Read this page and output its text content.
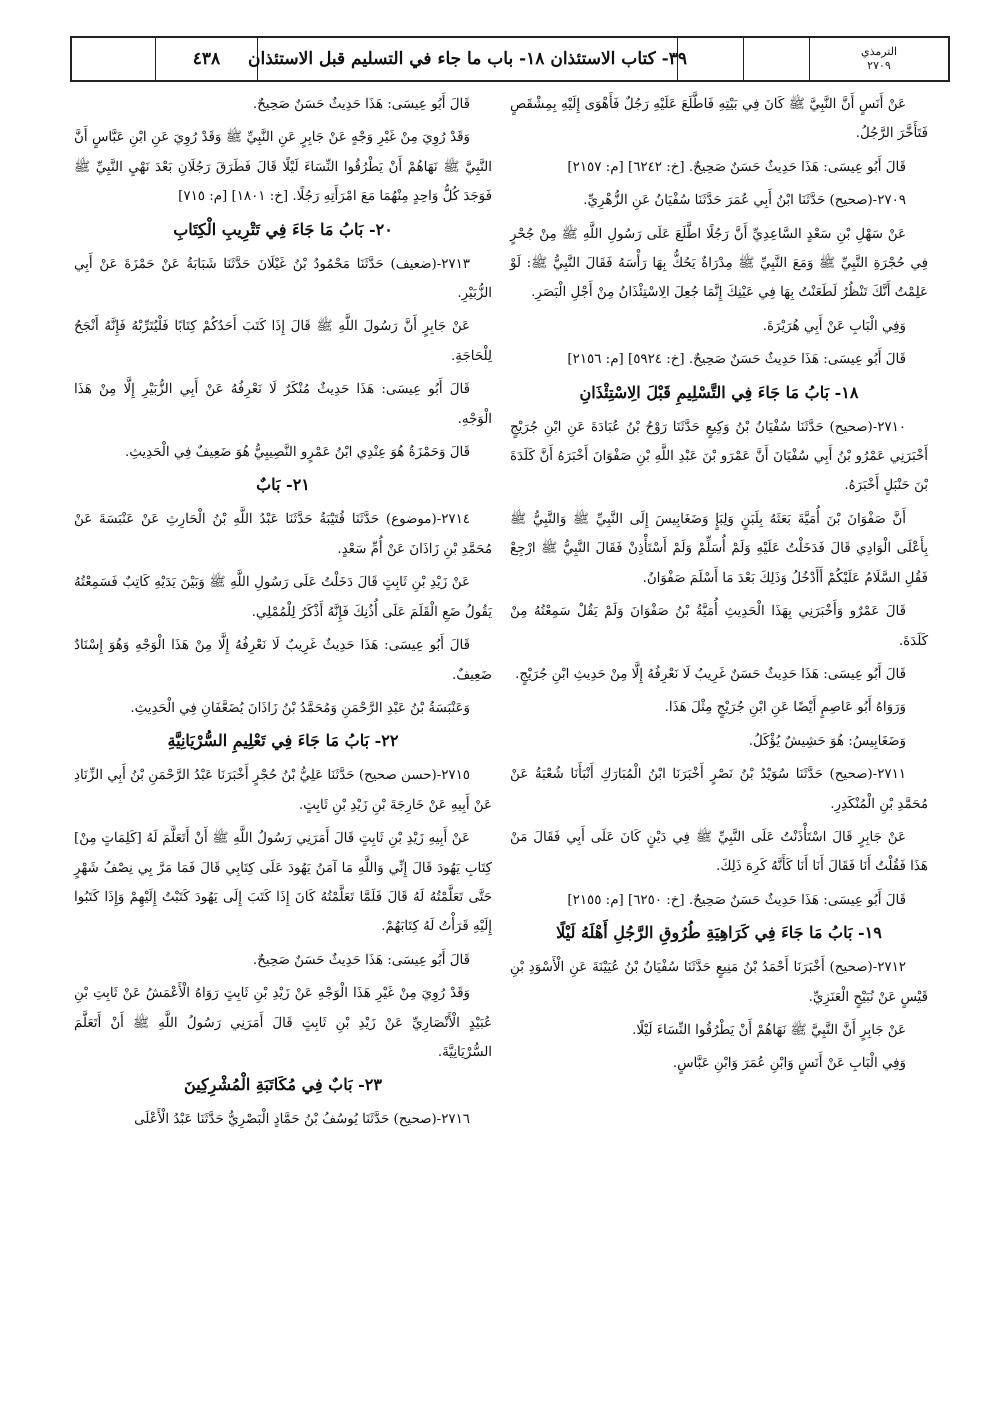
٤٣٨	٣٩- كتاب الاستئذان ١٨- باب ما جاء في التسليم قبل الاستئذان	الترمذي
٢٧٠٩

عَنْ أَنَسٍ أَنَّ النَّبِيَّ ﷺ كَانَ فِي بَيْتِهِ فَاطَّلَعَ عَلَيْهِ رَجُلٌ فَأَهْوَى إِلَيْهِ بِمِشْقَصٍ فَتَأَخَّرَ الرَّجُلُ.

قَالَ أَبُو عِيسَى: هَذَا حَدِيثٌ حَسَنٌ صَحِيحٌ. [خ: ٦٢٤٢] [م: ٢١٥٧]

٢٧٠٩-(صحيح) حَدَّثَنَا ابْنُ أَبِي عُمَرَ حَدَّثَنَا سُفْيَانُ عَنِ الزُّهْرِيِّ.

عَنْ سَهْلِ بْنِ سَعْدٍ السَّاعِدِيِّ أَنَّ رَجُلًا اطَّلَعَ عَلَى رَسُولِ اللَّهِ ﷺ مِنْ جُحْرٍ فِي حُجْرَةِ النَّبِيِّ ﷺ وَمَعَ النَّبِيِّ ﷺ مِدْرَاةٌ يَحُكُّ بِهَا رَأْسَهُ فَقَالَ النَّبِيُّ ﷺ: لَوْ عَلِمْتُ أَنَّكَ تَنْظُرُ لَطَعَنْتُ بِهَا فِي عَيْنِكَ إِنَّمَا جُعِلَ الِاسْتِئْذَانُ مِنْ أَجْلِ الْبَصَرِ.

وَفِي الْبَابِ عَنْ أَبِي هُرَيْرَةَ.

قَالَ أَبُو عِيسَى: هَذَا حَدِيثٌ حَسَنٌ صَحِيحٌ. [خ: ٥٩٢٤] [م: ٢١٥٦]

١٨- بَابُ مَا جَاءَ فِي التَّسْلِيمِ قَبْلَ الِاسْتِئْذَانِ

٢٧١٠-(صحيح) حَدَّثَنَا سُفْيَانُ بْنُ وَكِيعٍ حَدَّثَنَا رَوْحُ بْنُ عُبَادَةَ عَنِ ابْنِ جُرَيْجٍ أَخْبَرَنِي عَمْرُو بْنُ أَبِي سُفْيَانَ أَنَّ عَمْرَو بْنَ عَبْدِ اللَّهِ بْنِ صَفْوَانَ أَخْبَرَهُ أَنَّ كَلَدَةَ بْنَ حَنْبَلٍ أَخْبَرَهُ.

أَنَّ صَفْوَانَ بْنَ أُمَيَّةَ بَعَثَهُ بِلَبَنٍ وَلِبَإٍ وَضَغَابِيسَ إِلَى النَّبِيِّ ﷺ وَالنَّبِيُّ ﷺ بِأَعْلَى الْوَادِي قَالَ فَدَخَلْتُ عَلَيْهِ وَلَمْ أُسَلِّمْ وَلَمْ أَسْتَأْذِنْ فَقَالَ النَّبِيُّ ﷺ ارْجِعْ فَقُلِ السَّلَامُ عَلَيْكُمْ أَأَدْخُلُ وَذَلِكَ بَعْدَ مَا أَسْلَمَ صَفْوَانُ.

قَالَ عَمْرٌو وَأَخْبَرَنِي بِهَذَا الْحَدِيثِ أُمَيَّةُ بْنُ صَفْوَانَ وَلَمْ يَقُلْ سَمِعْتُهُ مِنْ كَلَدَةَ.

قَالَ أَبُو عِيسَى: هَذَا حَدِيثٌ حَسَنٌ غَرِيبٌ لَا نَعْرِفُهُ إِلَّا مِنْ حَدِيثِ ابْنِ جُرَيْجٍ.

وَرَوَاهُ أَبُو عَاصِمٍ أَيْضًا عَنِ ابْنِ جُرَيْجٍ مِثْلَ هَذَا.

وَضَغَابِيسُ: هُوَ حَشِيشٌ يُؤْكَلُ.

٢٧١١-(صحيح) حَدَّثَنَا سُوَيْدُ بْنُ نَصْرٍ أَخْبَرَنَا ابْنُ الْمُبَارَكِ أَنْبَأَنَا شُعْبَةُ عَنْ مُحَمَّدِ بْنِ الْمُنْكَدِرِ.

عَنْ جَابِرٍ قَالَ اسْتَأْذَنْتُ عَلَى النَّبِيِّ ﷺ فِي دَيْنٍ كَانَ عَلَى أَبِي فَقَالَ مَنْ هَذَا فَقُلْتُ أَنَا فَقَالَ أَنَا أَنَا كَأَنَّهُ كَرِهَ ذَلِكَ.

قَالَ أَبُو عِيسَى: هَذَا حَدِيثٌ حَسَنٌ صَحِيحٌ. [خ: ٦٢٥٠] [م: ٢١٥٥]

١٩- بَابُ مَا جَاءَ فِي كَرَاهِيَةِ طُرُوقِ الرَّجُلِ أَهْلَهُ لَيْلًا

٢٧١٢-(صحيح) أَخْبَرَنَا أَحْمَدُ بْنُ مَنِيعٍ حَدَّثَنَا سُفْيَانُ بْنُ عُيَيْنَةَ عَنِ الْأَسْوَدِ بْنِ قَيْسٍ عَنْ نُبَيْحٍ الْعَنَزِيِّ.

عَنْ جَابِرٍ أَنَّ النَّبِيَّ ﷺ نَهَاهُمْ أَنْ يَطْرُقُوا النِّسَاءَ لَيْلًا.

وَفِي الْبَابِ عَنْ أَنَسٍ وَابْنِ عُمَرَ وَابْنِ عَبَّاسٍ.

قَالَ أَبُو عِيسَى: هَذَا حَدِيثٌ حَسَنٌ صَحِيحٌ.

وَقَدْ رُوِيَ مِنْ غَيْرِ وَجْهٍ عَنْ جَابِرٍ عَنِ النَّبِيِّ ﷺ وَقَدْ رُوِيَ عَنِ ابْنِ عَبَّاسٍ أَنَّ النَّبِيَّ ﷺ نَهَاهُمْ أَنْ يَطْرُقُوا النِّسَاءَ لَيْلًا قَالَ فَطَرَقَ رَجُلَانِ بَعْدَ نَهْيِ النَّبِيِّ ﷺ فَوَجَدَ كُلُّ وَاحِدٍ مِنْهُمَا مَعَ امْرَأَتِهِ رَجُلًا. [خ: ١٨٠١] [م: ٧١٥]

٢٠- بَابُ مَا جَاءَ فِي تَتْرِيبِ الْكِتَابِ

٢٧١٣-(ضعيف) حَدَّثَنَا مَحْمُودُ بْنُ غَيْلَانَ حَدَّثَنَا شَبَابَةُ عَنْ حَمْزَةَ عَنْ أَبِي الزُّبَيْرِ.

عَنْ جَابِرٍ أَنَّ رَسُولَ اللَّهِ ﷺ قَالَ إِذَا كَتَبَ أَحَدُكُمْ كِتَابًا فَلْيُتَرِّبْهُ فَإِنَّهُ أَنْجَحُ لِلْحَاجَةِ.

قَالَ أَبُو عِيسَى: هَذَا حَدِيثٌ مُنْكَرٌ لَا نَعْرِفُهُ عَنْ أَبِي الزُّبَيْرِ إِلَّا مِنْ هَذَا الْوَجْهِ.

قَالَ وَحَمْزَةُ هُوَ عِنْدِي ابْنُ عَمْرٍو النَّصِيبِيُّ هُوَ ضَعِيفٌ فِي الْحَدِيثِ.

٢١- بَابٌ

٢٧١٤-(موضوع) حَدَّثَنَا قُتَيْبَةُ حَدَّثَنَا عَبْدُ اللَّهِ بْنُ الْحَارِثِ عَنْ عَنْبَسَةَ عَنْ مُحَمَّدِ بْنِ زَاذَانَ عَنْ أُمِّ سَعْدٍ.

عَنْ زَيْدِ بْنِ ثَابِتٍ قَالَ دَخَلْتُ عَلَى رَسُولِ اللَّهِ ﷺ وَبَيْنَ يَدَيْهِ كَاتِبٌ فَسَمِعْتُهُ يَقُولُ ضَعِ الْقَلَمَ عَلَى أُذُنِكَ فَإِنَّهُ أَذْكَرُ لِلْمُمْلِي.

قَالَ أَبُو عِيسَى: هَذَا حَدِيثٌ غَرِيبٌ لَا نَعْرِفُهُ إِلَّا مِنْ هَذَا الْوَجْهِ وَهُوَ إِسْنَادٌ ضَعِيفٌ.

وَعَنْبَسَةُ بْنُ عَبْدِ الرَّحْمَنِ وَمُحَمَّدُ بْنُ زَاذَانَ يُضَعَّفَانِ فِي الْحَدِيثِ.

٢٢- بَابُ مَا جَاءَ فِي تَعْلِيمِ السُّرْيَانِيَّةِ

٢٧١٥-(حسن صحيح) حَدَّثَنَا عَلِيُّ بْنُ حُجْرٍ أَخْبَرَنَا عَبْدُ الرَّحْمَنِ بْنُ أَبِي الزِّنَادِ عَنْ أَبِيهِ عَنْ خَارِجَةَ بْنِ زَيْدِ بْنِ ثَابِتٍ.

عَنْ أَبِيهِ زَيْدِ بْنِ ثَابِتٍ قَالَ أَمَرَنِي رَسُولُ اللَّهِ ﷺ أَنْ أَتَعَلَّمَ لَهُ [كَلِمَاتٍ مِنْ] كِتَابِ يَهُودَ قَالَ إِنِّي وَاللَّهِ مَا آمَنُ يَهُودَ عَلَى كِتَابِي قَالَ فَمَا مَرَّ بِي نِصْفُ شَهْرٍ حَتَّى تَعَلَّمْتُهُ لَهُ قَالَ فَلَمَّا تَعَلَّمْتُهُ كَانَ إِذَا كَتَبَ إِلَى يَهُودَ كَتَبْتُ إِلَيْهِمْ وَإِذَا كَتَبُوا إِلَيْهِ قَرَأْتُ لَهُ كِتَابَهُمْ.

قَالَ أَبُو عِيسَى: هَذَا حَدِيثٌ حَسَنٌ صَحِيحٌ.

وَقَدْ رُوِيَ مِنْ غَيْرِ هَذَا الْوَجْهِ عَنْ زَيْدِ بْنِ ثَابِتٍ رَوَاهُ الْأَعْمَشُ عَنْ ثَابِتِ بْنِ عُبَيْدٍ الْأَنْصَارِيِّ عَنْ زَيْدِ بْنِ ثَابِتٍ قَالَ أَمَرَنِي رَسُولُ اللَّهِ ﷺ أَنْ أَتَعَلَّمَ السُّرْيَانِيَّةَ.

٢٣- بَابٌ فِي مُكَاتَبَةِ الْمُشْرِكِينَ

٢٧١٦-(صحيح) حَدَّثَنَا يُوسُفُ بْنُ حَمَّادٍ الْبَصْرِيُّ حَدَّثَنَا عَبْدُ الْأَعْلَى
